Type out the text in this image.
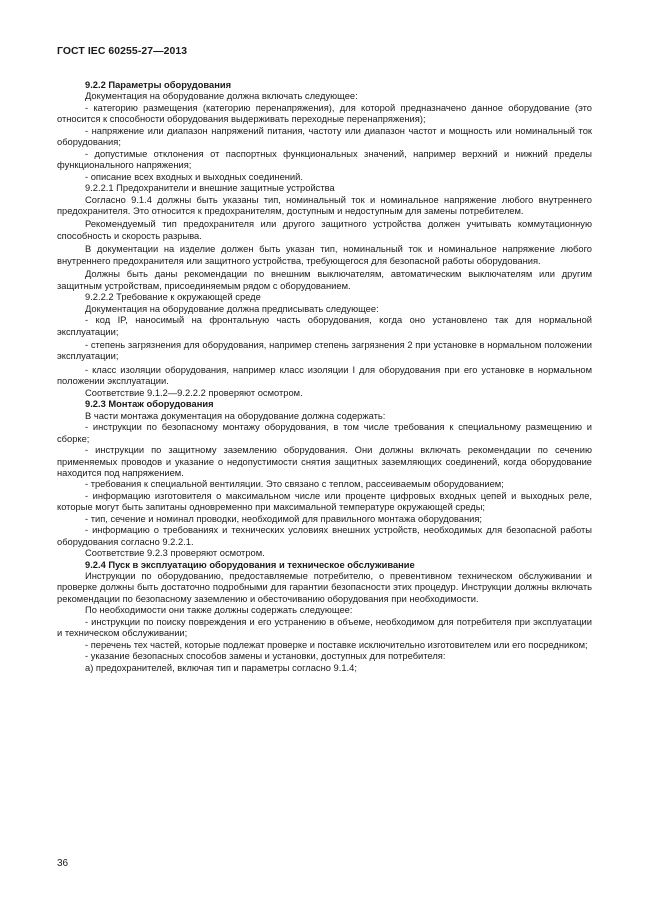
ГОСТ IEC 60255-27—2013

9.2.2 Параметры оборудования

Документация на оборудование должна включать следующее:

- категорию размещения (категорию перенапряжения), для которой предназначено данное оборудование (это относится к способности оборудования выдерживать переходные перенапряжения);

- напряжение или диапазон напряжений питания, частоту или диапазон частот и мощность или номинальный ток оборудования;

- допустимые отклонения от паспортных функциональных значений, например верхний и нижний пределы функционального напряжения;

- описание всех входных и выходных соединений.

9.2.2.1 Предохранители и внешние защитные устройства

Согласно 9.1.4 должны быть указаны тип, номинальный ток и номинальное напряжение любого внутреннего предохранителя. Это относится к предохранителям, доступным и недоступным для замены потребителем.

Рекомендуемый тип предохранителя или другого защитного устройства должен учитывать коммутационную способность и скорость разрыва.

В документации на изделие должен быть указан тип, номинальный ток и номинальное напряжение любого внутреннего предохранителя или защитного устройства, требующегося для безопасной работы оборудования.

Должны быть даны рекомендации по внешним выключателям, автоматическим выключателям или другим защитным устройствам, присоединяемым рядом с оборудованием.

9.2.2.2 Требование к окружающей среде

Документация на оборудование должна предписывать следующее:

- код IP, наносимый на фронтальную часть оборудования, когда оно установлено так для нормальной эксплуатации;

- степень загрязнения для оборудования, например степень загрязнения 2 при установке в нормальном положении эксплуатации;

- класс изоляции оборудования, например класс изоляции I для оборудования при его установке в нормальном положении эксплуатации.

Соответствие 9.1.2—9.2.2.2 проверяют осмотром.

9.2.3 Монтаж оборудования

В части монтажа документация на оборудование должна содержать:

- инструкции по безопасному монтажу оборудования, в том числе требования к специальному размещению и сборке;

- инструкции по защитному заземлению оборудования. Они должны включать рекомендации по сечению применяемых проводов и указание о недопустимости снятия защитных заземляющих соединений, когда оборудование находится под напряжением.

- требования к специальной вентиляции. Это связано с теплом, рассеиваемым оборудованием;

- информацию изготовителя о максимальном числе или проценте цифровых входных цепей и выходных реле, которые могут быть запитаны одновременно при максимальной температуре окружающей среды;

- тип, сечение и номинал проводки, необходимой для правильного монтажа оборудования;

- информацию о требованиях и технических условиях внешних устройств, необходимых для безопасной работы оборудования согласно 9.2.2.1.

Соответствие 9.2.3 проверяют осмотром.

9.2.4 Пуск в эксплуатацию оборудования и техническое обслуживание

Инструкции по оборудованию, предоставляемые потребителю, о превентивном техническом обслуживании и проверке должны быть достаточно подробными для гарантии безопасности этих процедур. Инструкции должны включать рекомендации по безопасному заземлению и обесточиванию оборудования при необходимости.

По необходимости они также должны содержать следующее:

- инструкции по поиску повреждения и его устранению в объеме, необходимом для потребителя при эксплуатации и техническом обслуживании;

- перечень тех частей, которые подлежат проверке и поставке исключительно изготовителем или его посредником;

- указание безопасных способов замены и установки, доступных для потребителя:

а) предохранителей, включая тип и параметры согласно 9.1.4;

36
